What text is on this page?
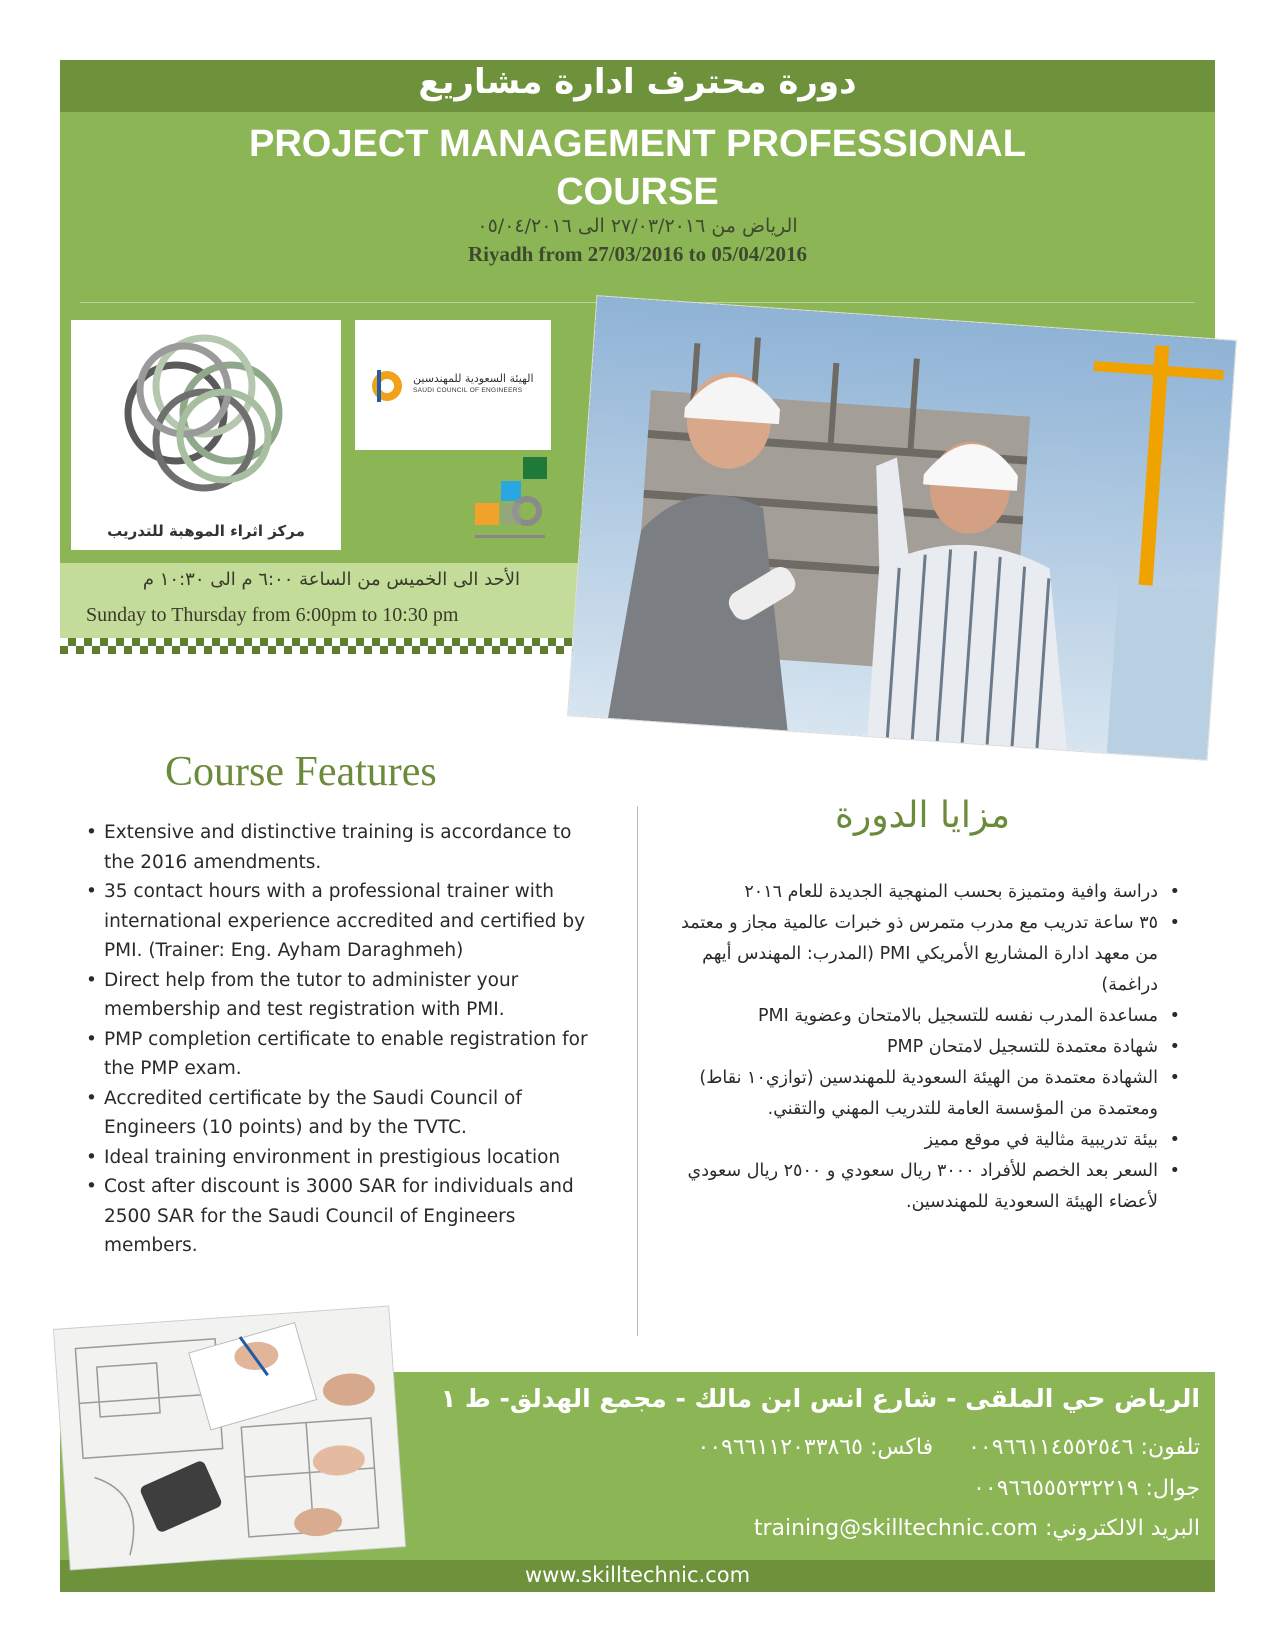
دورة محترف ادارة مشاريع
PROJECT MANAGEMENT PROFESSIONAL
COURSE
الرياض من ٢٧/٠٣/٢٠١٦ الى ٠٥/٠٤/٢٠١٦
Riyadh from 27/03/2016 to 05/04/2016
مركز اثراء الموهبة للتدريب
الهيئة السعودية للمهندسين
SAUDI COUNCIL OF ENGINEERS
الأحد الى الخميس من الساعة ٦:٠٠ م الى ١٠:٣٠ م
Sunday to Thursday from 6:00pm to 10:30 pm
Course Features
• Extensive and distinctive training is accordance to the 2016 amendments.
• 35 contact hours with a professional trainer with international experience accredited and certified by PMI. (Trainer: Eng. Ayham Daraghmeh)
• Direct help from the tutor to administer your membership and test registration with PMI.
• PMP completion certificate to enable registration for the PMP exam.
• Accredited certificate by the Saudi Council of Engineers (10 points) and by the TVTC.
• Ideal training environment in prestigious location
• Cost after discount is 3000 SAR for individuals and 2500 SAR for the Saudi Council of Engineers members.
مزايا الدورة
• دراسة وافية ومتميزة بحسب المنهجية الجديدة للعام ٢٠١٦
• ٣٥ ساعة تدريب مع مدرب متمرس ذو خبرات عالمية مجاز و معتمد من معهد ادارة المشاريع الأمريكي PMI (المدرب: المهندس أيهم دراغمة)
• مساعدة المدرب نفسه للتسجيل بالامتحان وعضوية PMI
• شهادة معتمدة للتسجيل لامتحان PMP
• الشهادة معتمدة من الهيئة السعودية للمهندسين (توازي١٠ نقاط) ومعتمدة من المؤسسة العامة للتدريب المهني والتقني.
• بيئة تدريبية مثالية في موقع مميز
• السعر بعد الخصم للأفراد ٣٠٠٠ ريال سعودي و ٢٥٠٠ ريال سعودي لأعضاء الهيئة السعودية للمهندسين.
الرياض حي الملقى - شارع انس ابن مالك - مجمع الهدلق- ط ١
تلفون: ٠٠٩٦٦١١٤٥٥٢٥٤٦     فاكس: ٠٠٩٦٦١١٢٠٣٣٨٦٥
جوال: ٠٠٩٦٦٥٥٥٢٣٢٢١٩
البريد الالكتروني: training@skilltechnic.com
www.skilltechnic.com
